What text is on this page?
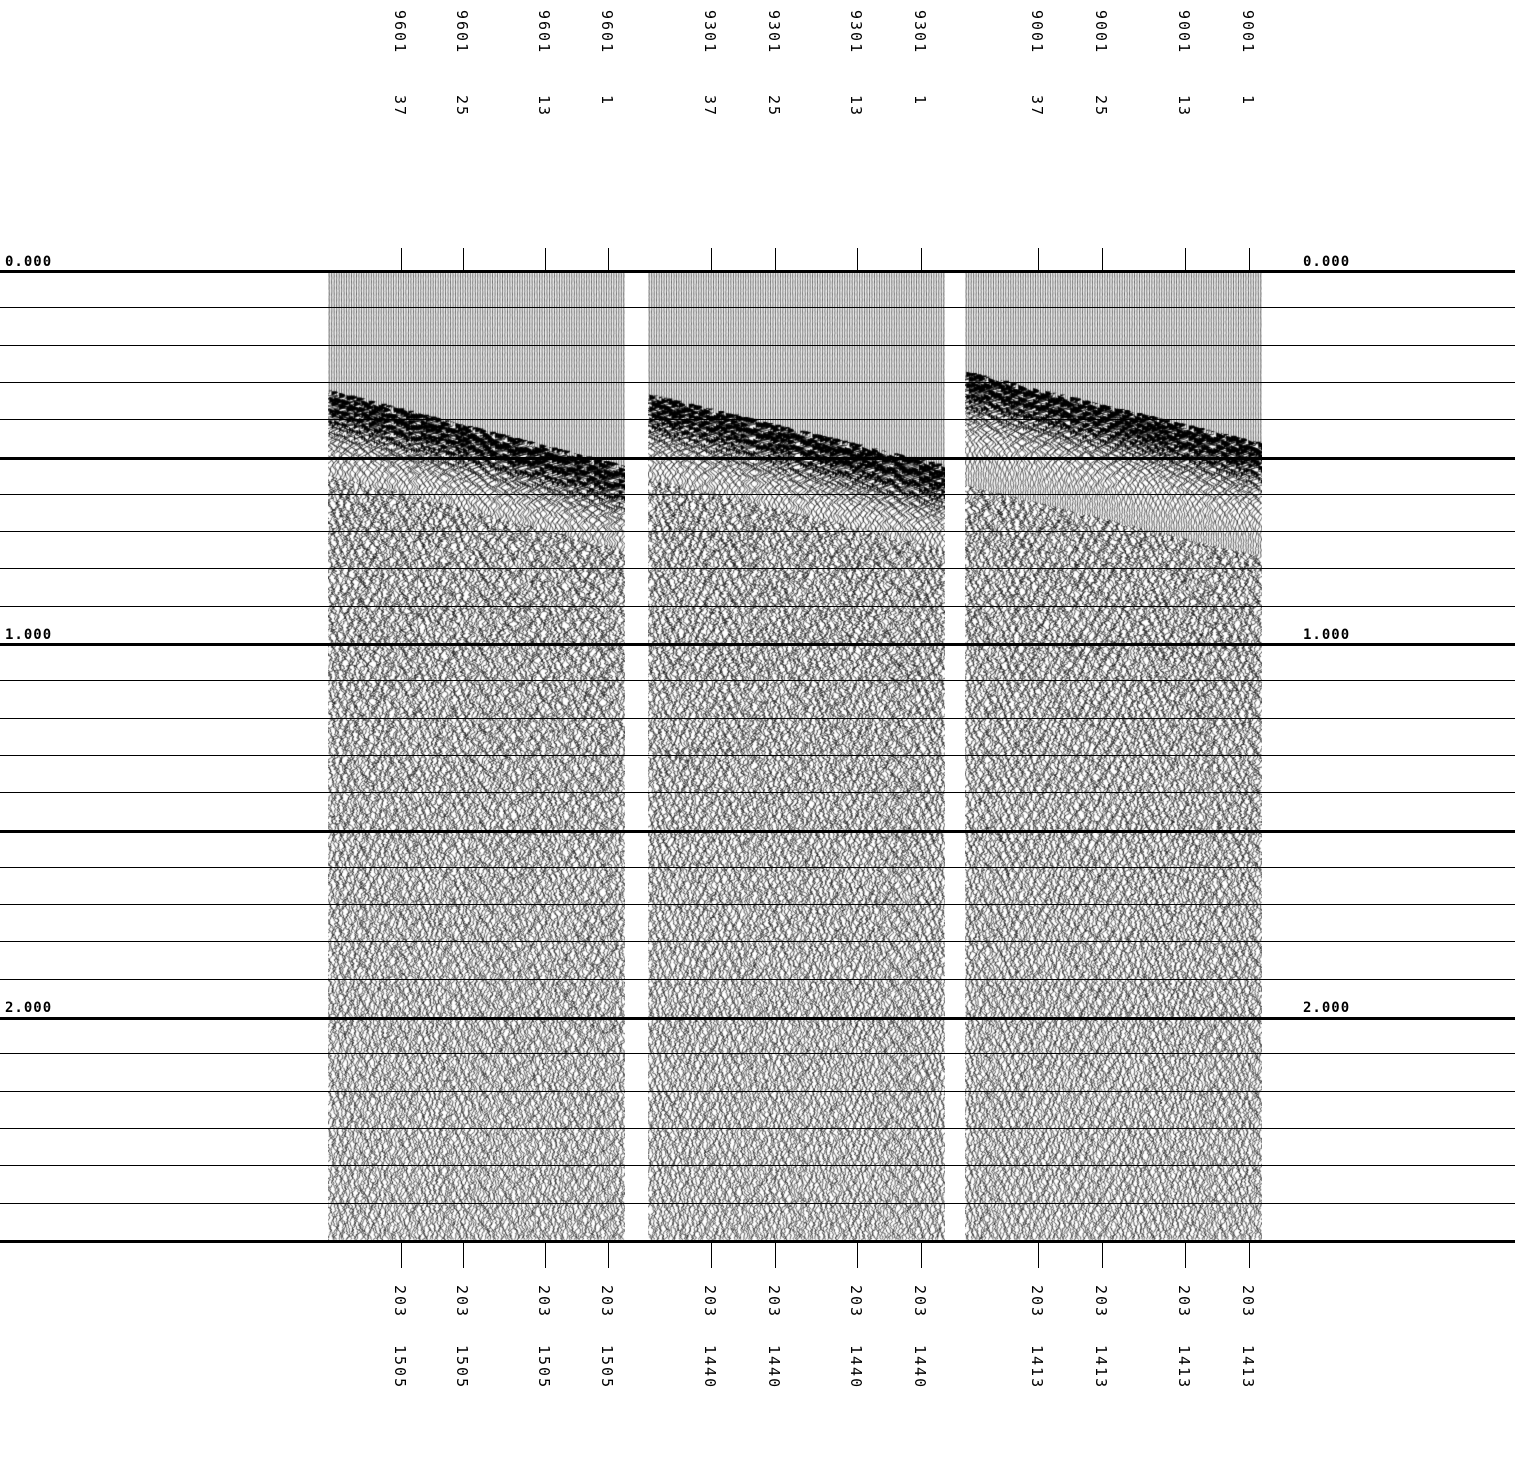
9601
37
9601
25
9601
13
9601
1
9301
37
9301
25
9301
13
9301
1
9001
37
9001
25
9001
13
9001
1
0.000
1.000
2.000
0.000
1.000
2.000
203
1505
203
1505
203
1505
203
1505
203
1440
203
1440
203
1440
203
1440
203
1413
203
1413
203
1413
203
1413
